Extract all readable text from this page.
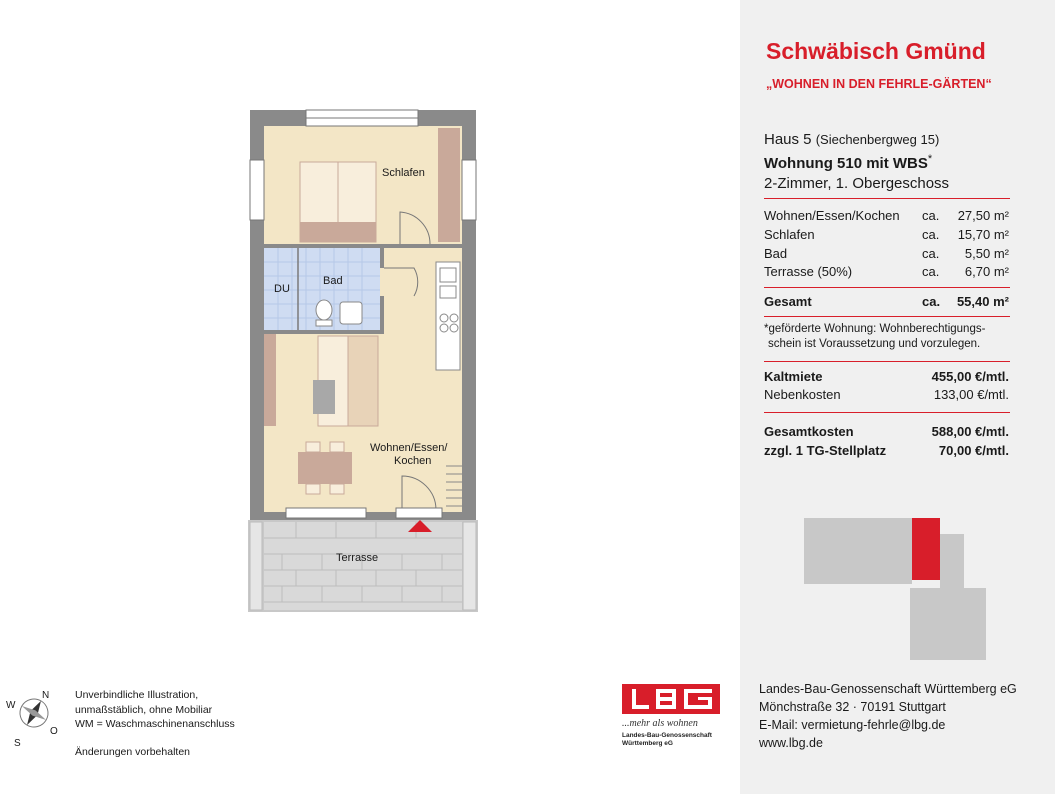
Schlafen
Bad
DU
Wohnen/Essen/
Kochen
Terrasse
N
O
S
W
...mehr als wohnen
Landes-Bau-Genossenschaft
Württemberg eG
Unverbindliche Illustration,
unmaßstäblich, ohne Mobiliar
WM = Waschmaschinenanschluss
Änderungen vorbehalten
Schwäbisch Gmünd
„WOHNEN IN DEN FEHRLE-GÄRTEN“
Haus 5 (Siechenbergweg 15)
Wohnung 510 mit WBS*
2-Zimmer, 1. Obergeschoss
Wohnen/Essen/Kochen ca. 27,50 m²
Schlafen	ca. 15,70 m²
Bad	ca. 5,50 m²
Terrasse (50%)	ca. 6,70 m²
Gesamt	ca. 55,40 m²
*geförderte Wohnung: Wohnberechtigungs-
schein ist Voraussetzung und vorzulegen.
Kaltmiete	455,00 €/mtl.
Nebenkosten	133,00 €/mtl.
Gesamtkosten	588,00 €/mtl.
zzgl. 1 TG-Stellplatz	70,00 €/mtl.
Landes-Bau-Genossenschaft Württemberg eG
Mönchstraße 32 · 70191 Stuttgart
E-Mail: vermietung-fehrle@lbg.de
www.lbg.de
